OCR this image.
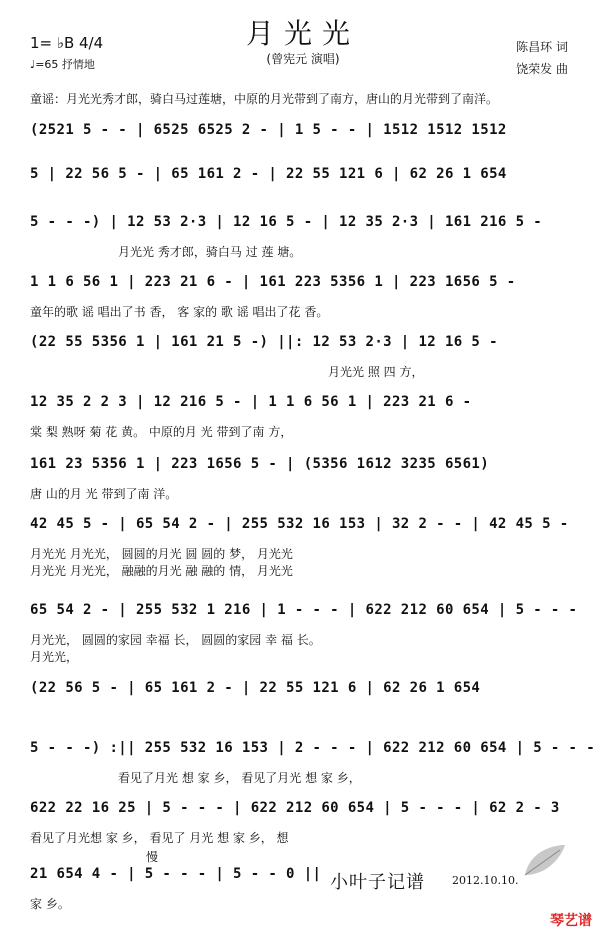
1= ♭B 4/4
♩=65 抒情地
月光光
(曾宪元 演唱)
陈昌环 词
饶荣发 曲
童谣：月光光秀才郎，骑白马过莲塘，中原的月光带到了南方，唐山的月光带到了南洋。
(2521 5 - - | 6525 6525 2 - | 1 5 - - | 1512 1512 1512
5 | 22 56 5 - | 65 161 2 - | 22 55 121 6 | 62 26 1 654
5 - - -) | 12 53 2·3 | 12 16 5 - | 12 35 2·3 | 161 216 5 -
月光光 秀才郎，骑白马 过 莲 塘。
1 1 6 56 1 | 223 21 6 - | 161 223 5356 1 | 223 1656 5 -
童年的歌 谣 唱出了书 香， 客 家的 歌 谣 唱出了花 香。
(22 55 5356 1 | 161 21 5 -) ||: 12 53 2·3 | 12 16 5 -
月光光 照 四 方，
12 35 2 2 3 | 12 216 5 - | 1 1 6 56 1 | 223 21 6 -
棠 梨 熟呀 菊 花 黄。 中原的月 光 带到了南 方，
161 23 5356 1 | 223 1656 5 - | (5356 1612 3235 6561)
唐 山的月 光 带到了南 洋。
42 45 5 - | 65 54 2 - | 255 532 16 153 | 32 2 - - | 42 45 5 -
月光光 月光光， 圆圆的月光 圆 圆的 梦， 月光光
月光光 月光光， 融融的月光 融 融的 情， 月光光
65 54 2 - | 255 532 1 216 | 1 - - - | 622 212 60 654 | 5 - - -
月光光， 圆圆的家园 幸福 长， 圆圆的家园 幸 福 长。
月光光，
(22 56 5 - | 65 161 2 - | 22 55 121 6 | 62 26 1 654
5 - - -) :|| 255 532 16 153 | 2 - - - | 622 212 60 654 | 5 - - -
看见了月光 想 家 乡， 看见了月光 想 家 乡，
622 22 16 25 | 5 - - - | 622 212 60 654 | 5 - - - | 62 2 - 3
看见了月光想 家 乡， 看见了 月光 想 家 乡， 想
慢
21 654 4 - | 5 - - - | 5 - - 0 ||
家 乡。
小叶子记谱 2012.10.10.
琴艺谱
